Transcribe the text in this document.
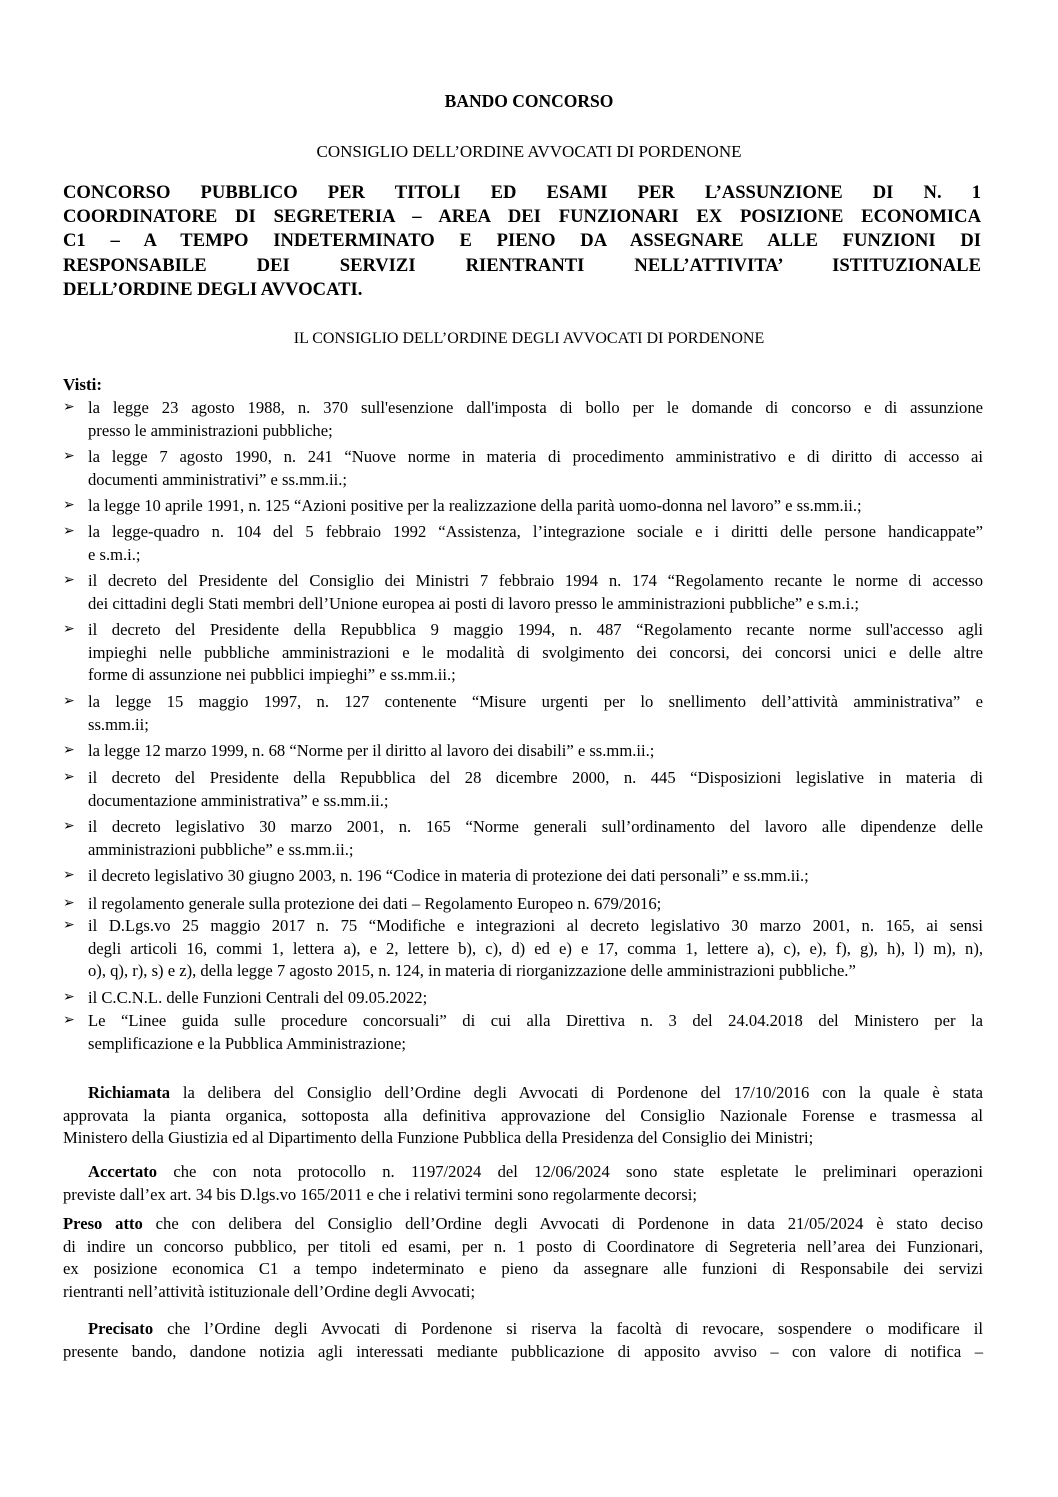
BANDO CONCORSO
CONSIGLIO DELL’ORDINE AVVOCATI DI PORDENONE
CONCORSO PUBBLICO PER TITOLI ED ESAMI PER L’ASSUNZIONE DI N. 1
COORDINATORE DI SEGRETERIA – AREA DEI FUNZIONARI EX POSIZIONE ECONOMICA
C1 – A TEMPO INDETERMINATO E PIENO DA ASSEGNARE ALLE FUNZIONI DI
RESPONSABILE DEI SERVIZI RIENTRANTI NELL’ATTIVITA’ ISTITUZIONALE
DELL’ORDINE DEGLI AVVOCATI.
IL CONSIGLIO DELL’ORDINE DEGLI AVVOCATI DI PORDENONE
Visti:
➢ la legge 23 agosto 1988, n. 370 sull'esenzione dall'imposta di bollo per le domande di concorso e di assunzione
presso le amministrazioni pubbliche;
➢ la legge 7 agosto 1990, n. 241 “Nuove norme in materia di procedimento amministrativo e di diritto di accesso ai
documenti amministrativi” e ss.mm.ii.;
➢ la legge 10 aprile 1991, n. 125 “Azioni positive per la realizzazione della parità uomo-donna nel lavoro” e ss.mm.ii.;
➢ la legge-quadro n. 104 del 5 febbraio 1992 “Assistenza, l’integrazione sociale e i diritti delle persone handicappate”
e s.m.i.;
➢ il decreto del Presidente del Consiglio dei Ministri 7 febbraio 1994 n. 174 “Regolamento recante le norme di accesso
dei cittadini degli Stati membri dell’Unione europea ai posti di lavoro presso le amministrazioni pubbliche” e s.m.i.;
➢ il decreto del Presidente della Repubblica 9 maggio 1994, n. 487 “Regolamento recante norme sull'accesso agli
impieghi nelle pubbliche amministrazioni e le modalità di svolgimento dei concorsi, dei concorsi unici e delle altre
forme di assunzione nei pubblici impieghi” e ss.mm.ii.;
➢ la legge 15 maggio 1997, n. 127 contenente “Misure urgenti per lo snellimento dell’attività amministrativa” e
ss.mm.ii;
➢ la legge 12 marzo 1999, n. 68 “Norme per il diritto al lavoro dei disabili” e ss.mm.ii.;
➢ il decreto del Presidente della Repubblica del 28 dicembre 2000, n. 445 “Disposizioni legislative in materia di
documentazione amministrativa” e ss.mm.ii.;
➢ il decreto legislativo 30 marzo 2001, n. 165 “Norme generali sull’ordinamento del lavoro alle dipendenze delle
amministrazioni pubbliche” e ss.mm.ii.;
➢ il decreto legislativo 30 giugno 2003, n. 196 “Codice in materia di protezione dei dati personali” e ss.mm.ii.;
➢ il regolamento generale sulla protezione dei dati – Regolamento Europeo n. 679/2016;
➢ il D.Lgs.vo 25 maggio 2017 n. 75 “Modifiche e integrazioni al decreto legislativo 30 marzo 2001, n. 165, ai sensi
degli articoli 16, commi 1, lettera a), e 2, lettere b), c), d) ed e) e 17, comma 1, lettere a), c), e), f), g), h), l) m), n),
o), q), r), s) e z), della legge 7 agosto 2015, n. 124, in materia di riorganizzazione delle amministrazioni pubbliche.”
➢ il C.C.N.L. delle Funzioni Centrali del 09.05.2022;
➢ Le “Linee guida sulle procedure concorsuali” di cui alla Direttiva n. 3 del 24.04.2018 del Ministero per la
semplificazione e la Pubblica Amministrazione;
Richiamata la delibera del Consiglio dell’Ordine degli Avvocati di Pordenone del 17/10/2016 con la quale è stata
approvata la pianta organica, sottoposta alla definitiva approvazione del Consiglio Nazionale Forense e trasmessa al
Ministero della Giustizia ed al Dipartimento della Funzione Pubblica della Presidenza del Consiglio dei Ministri;
Accertato che con nota protocollo n. 1197/2024 del 12/06/2024 sono state espletate le preliminari operazioni
previste dall’ex art. 34 bis D.lgs.vo 165/2011 e che i relativi termini sono regolarmente decorsi;
Preso atto che con delibera del Consiglio dell’Ordine degli Avvocati di Pordenone in data 21/05/2024 è stato deciso
di indire un concorso pubblico, per titoli ed esami, per n. 1 posto di Coordinatore di Segreteria nell’area dei Funzionari,
ex posizione economica C1 a tempo indeterminato e pieno da assegnare alle funzioni di Responsabile dei servizi
rientranti nell’attività istituzionale dell’Ordine degli Avvocati;
Precisato che l’Ordine degli Avvocati di Pordenone si riserva la facoltà di revocare, sospendere o modificare il
presente bando, dandone notizia agli interessati mediante pubblicazione di apposito avviso – con valore di notifica –
